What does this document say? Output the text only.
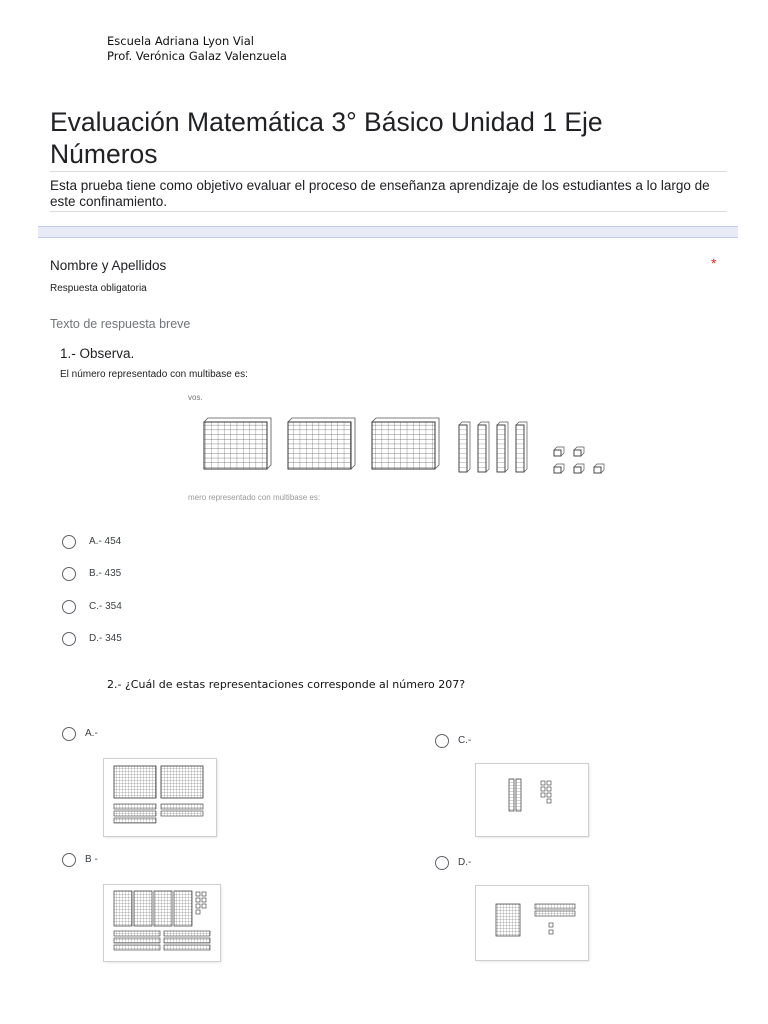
Escuela Adriana Lyon Vial
Prof. Verónica Galaz Valenzuela
Evaluación Matemática 3° Básico Unidad 1 Eje Números
Esta prueba tiene como objetivo evaluar el proceso de enseñanza aprendizaje de los estudiantes a lo largo de este confinamiento.
Nombre y Apellidos	*
Respuesta obligatoria
Texto de respuesta breve
1.- Observa.
El número representado con multibase es:
vos.
mero representado con multibase es:
A.- 454
B.- 435
C.- 354
D.- 345
2.- ¿Cuál de estas representaciones corresponde al número 207?
A.-
B -
C.-
D.-
